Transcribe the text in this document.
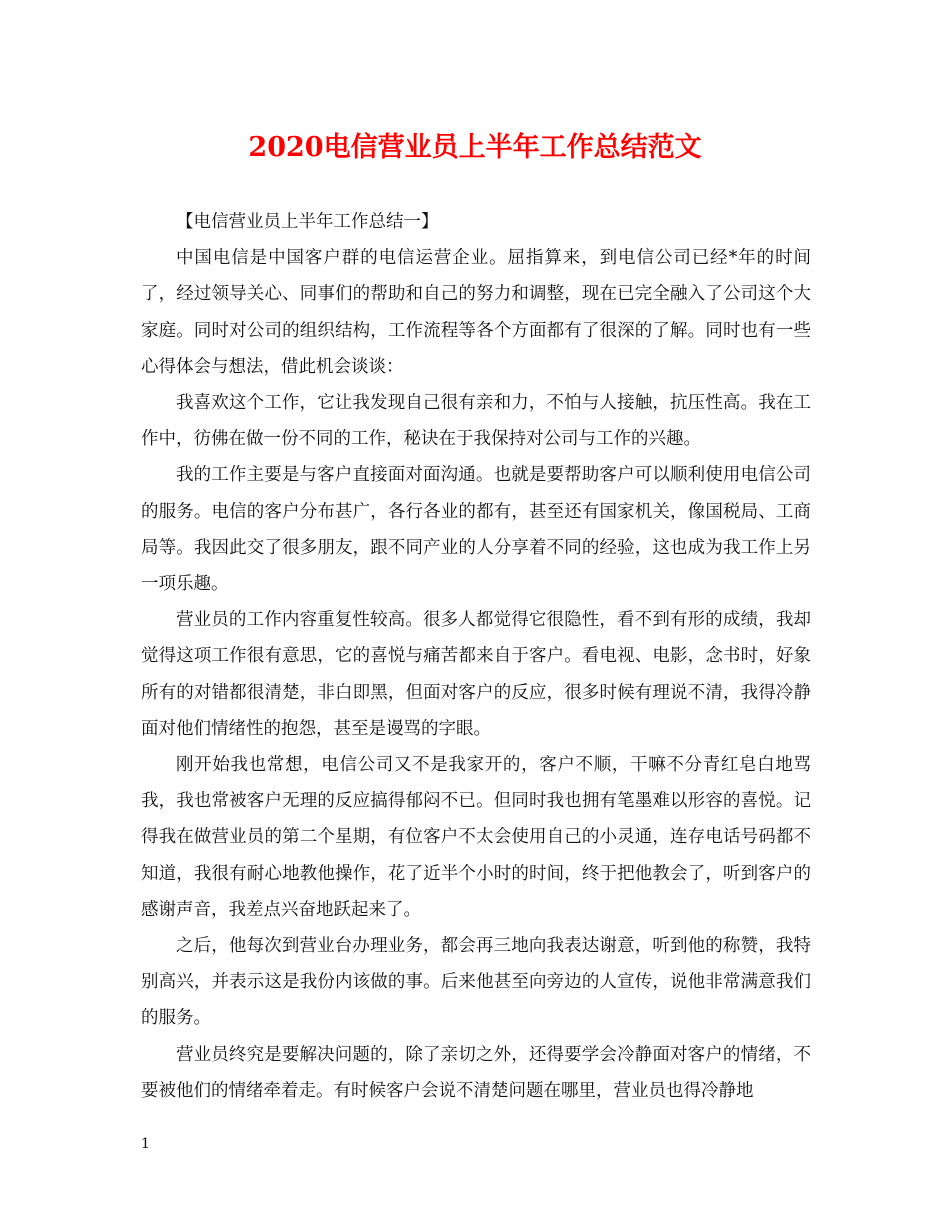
2020电信营业员上半年工作总结范文

【电信营业员上半年工作总结一】

中国电信是中国客户群的电信运营企业。屈指算来，到电信公司已经*年的时间了，经过领导关心、同事们的帮助和自己的努力和调整，现在已完全融入了公司这个大家庭。同时对公司的组织结构，工作流程等各个方面都有了很深的了解。同时也有一些心得体会与想法，借此机会谈谈：

我喜欢这个工作，它让我发现自己很有亲和力，不怕与人接触，抗压性高。我在工作中，彷佛在做一份不同的工作，秘诀在于我保持对公司与工作的兴趣。

我的工作主要是与客户直接面对面沟通。也就是要帮助客户可以顺利使用电信公司的服务。电信的客户分布甚广，各行各业的都有，甚至还有国家机关，像国税局、工商局等。我因此交了很多朋友，跟不同产业的人分享着不同的经验，这也成为我工作上另一项乐趣。

营业员的工作内容重复性较高。很多人都觉得它很隐性，看不到有形的成绩，我却觉得这项工作很有意思，它的喜悦与痛苦都来自于客户。看电视、电影，念书时，好象所有的对错都很清楚，非白即黑，但面对客户的反应，很多时候有理说不清，我得冷静面对他们情绪性的抱怨，甚至是谩骂的字眼。

刚开始我也常想，电信公司又不是我家开的，客户不顺，干嘛不分青红皂白地骂我，我也常被客户无理的反应搞得郁闷不已。但同时我也拥有笔墨难以形容的喜悦。记得我在做营业员的第二个星期，有位客户不太会使用自己的小灵通，连存电话号码都不知道，我很有耐心地教他操作，花了近半个小时的时间，终于把他教会了，听到客户的感谢声音，我差点兴奋地跃起来了。

之后，他每次到营业台办理业务，都会再三地向我表达谢意，听到他的称赞，我特别高兴，并表示这是我份内该做的事。后来他甚至向旁边的人宣传，说他非常满意我们的服务。

营业员终究是要解决问题的，除了亲切之外，还得要学会冷静面对客户的情绪，不要被他们的情绪牵着走。有时候客户会说不清楚问题在哪里，营业员也得冷静地

1
